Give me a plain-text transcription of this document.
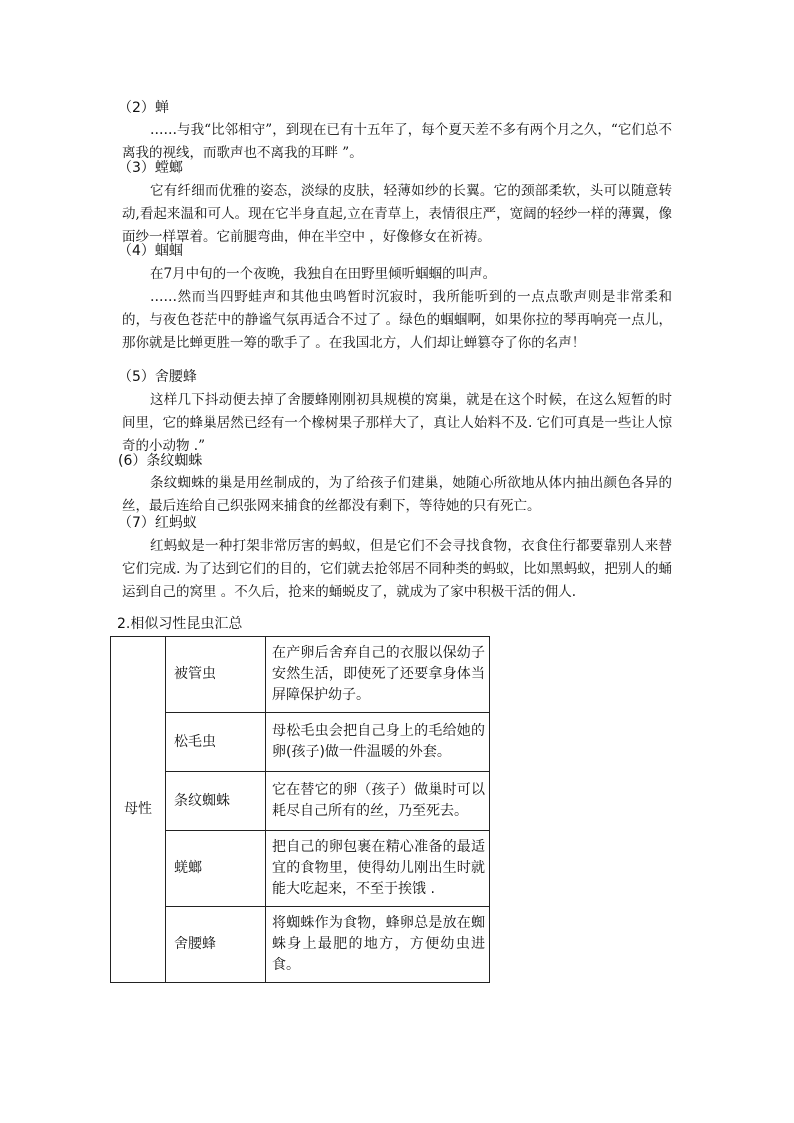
（2）蝉
……与我“比邻相守”，到现在已有十五年了，每个夏天差不多有两个月之久，“它们总不离我的视线，而歌声也不离我的耳畔 ”。
（3）螳螂
它有纤细而优雅的姿态，淡绿的皮肤，轻薄如纱的长翼。它的颈部柔软，头可以随意转动,看起来温和可人。现在它半身直起,立在青草上，表情很庄严，宽阔的轻纱一样的薄翼，像面纱一样罩着。它前腿弯曲，伸在半空中 ，好像修女在祈祷。
（4）蝈蝈
在7月中旬的一个夜晚，我独自在田野里倾听蝈蝈的叫声。
……然而当四野蛙声和其他虫鸣暂时沉寂时，我所能听到的一点点歌声则是非常柔和的，与夜色苍茫中的静谧气氛再适合不过了 。绿色的蝈蝈啊，如果你拉的琴再响亮一点儿，那你就是比蝉更胜一筹的歌手了 。在我国北方，人们却让蝉篡夺了你的名声！
（5）舍腰蜂
这样几下抖动便去掉了舍腰蜂刚刚初具规模的窝巢，就是在这个时候，在这么短暂的时间里，它的蜂巢居然已经有一个橡树果子那样大了，真让人始料不及. 它们可真是一些让人惊奇的小动物 .”
(6）条纹蜘蛛
条纹蜘蛛的巢是用丝制成的，为了给孩子们建巢，她随心所欲地从体内抽出颜色各异的丝，最后连给自己织张网来捕食的丝都没有剩下，等待她的只有死亡。
（7）红蚂蚁
红蚂蚁是一种打架非常厉害的蚂蚁，但是它们不会寻找食物，衣食住行都要靠别人来替它们完成. 为了达到它们的目的，它们就去抢邻居不同种类的蚂蚁，比如黑蚂蚁，把别人的蛹运到自己的窝里 。不久后，抢来的蛹蜕皮了，就成为了家中积极干活的佣人.
2.相似习性昆虫汇总
母性	被管虫	在产卵后舍弃自己的衣服以保幼子安然生活，即使死了还要拿身体当屏障保护幼子。
	松毛虫	母松毛虫会把自己身上的毛给她的卵(孩子)做一件温暖的外套。
	条纹蜘蛛	它在替它的卵（孩子）做巢时可以耗尽自己所有的丝，乃至死去。
	蜣螂	把自己的卵包裹在精心准备的最适宜的食物里，使得幼儿刚出生时就能大吃起来，不至于挨饿 .
	舍腰蜂	将蜘蛛作为食物，蜂卵总是放在蜘蛛身上最肥的地方，方便幼虫进食。
